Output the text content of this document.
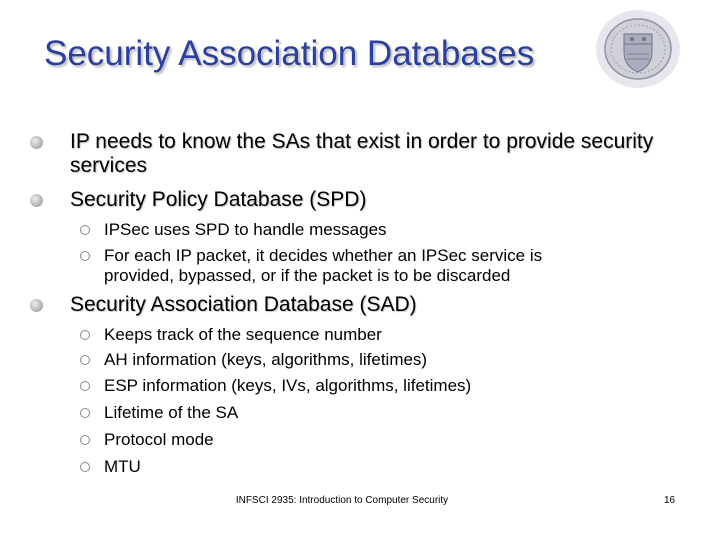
Security Association Databases
IP needs to know the SAs that exist in order to provide security services
Security Policy Database (SPD)
IPSec uses SPD to handle messages
For each IP packet, it decides whether an IPSec service is provided, bypassed, or if the packet is to be discarded
Security Association Database (SAD)
Keeps track of the sequence number
AH information (keys, algorithms, lifetimes)
ESP information (keys, IVs, algorithms, lifetimes)
Lifetime of the SA
Protocol mode
MTU
INFSCI 2935: Introduction to Computer Security	16
